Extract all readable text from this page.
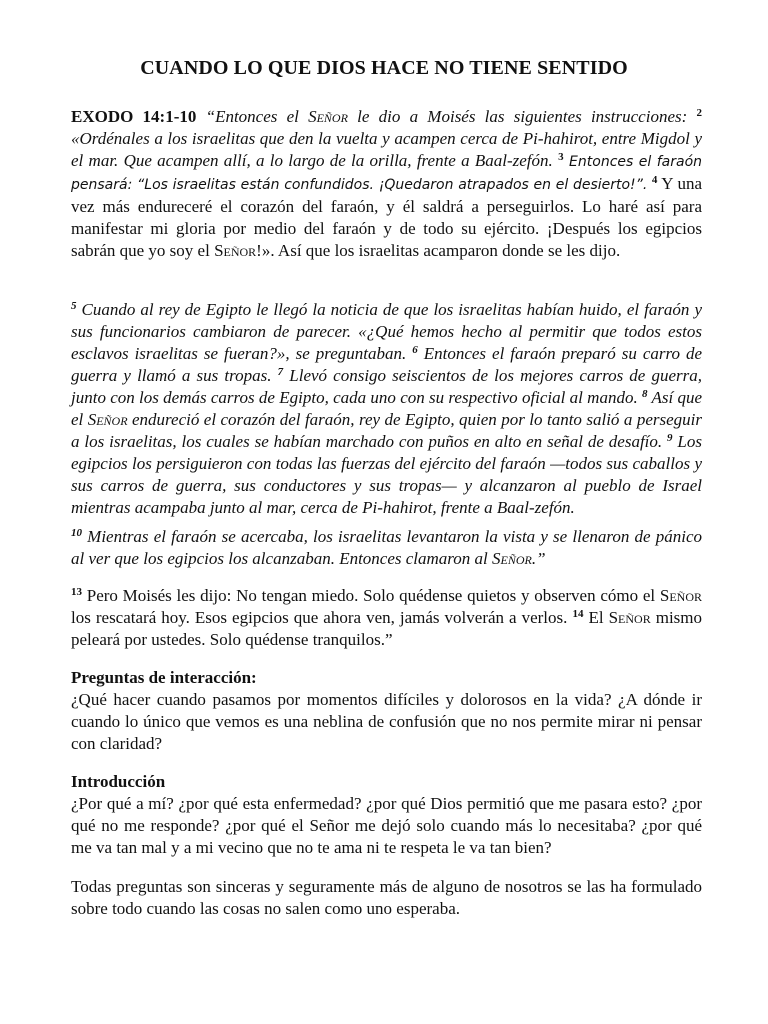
CUANDO LO QUE DIOS HACE NO TIENE SENTIDO

EXODO 14:1-10 “Entonces el Señor le dio a Moisés las siguientes instrucciones: $^2$ «Ordénales a los israelitas que den la vuelta y acampen cerca de Pi-hahirot, entre Migdol y el mar. Que acampen allí, a lo largo de la orilla, frente a Baal-zefón. $^3$ Entonces el faraón pensará: “Los israelitas están confundidos. ¡Quedaron atrapados en el desierto!”. $^4$ Y una vez más endureceré el corazón del faraón, y él saldrá a perseguirlos. Lo haré así para manifestar mi gloria por medio del faraón y de todo su ejército. ¡Después los egipcios sabrán que yo soy el Señor!». Así que los israelitas acamparon donde se les dijo.

$^5$ Cuando al rey de Egipto le llegó la noticia de que los israelitas habían huido, el faraón y sus funcionarios cambiaron de parecer. «¿Qué hemos hecho al permitir que todos estos esclavos israelitas se fueran?», se preguntaban. $^6$ Entonces el faraón preparó su carro de guerra y llamó a sus tropas. $^7$ Llevó consigo seiscientos de los mejores carros de guerra, junto con los demás carros de Egipto, cada uno con su respectivo oficial al mando. $^8$ Así que el Señor endureció el corazón del faraón, rey de Egipto, quien por lo tanto salió a perseguir a los israelitas, los cuales se habían marchado con puños en alto en señal de desafío. $^9$ Los egipcios los persiguieron con todas las fuerzas del ejército del faraón —todos sus caballos y sus carros de guerra, sus conductores y sus tropas— y alcanzaron al pueblo de Israel mientras acampaba junto al mar, cerca de Pi-hahirot, frente a Baal-zefón.

$^{10}$ Mientras el faraón se acercaba, los israelitas levantaron la vista y se llenaron de pánico al ver que los egipcios los alcanzaban. Entonces clamaron al Señor.”

$^{13}$ Pero Moisés les dijo: No tengan miedo. Solo quédense quietos y observen cómo el Señor los rescatará hoy. Esos egipcios que ahora ven, jamás volverán a verlos. $^{14}$ El Señor mismo peleará por ustedes. Solo quédense tranquilos.”

Preguntas de interacción:
¿Qué hacer cuando pasamos por momentos difíciles y dolorosos en la vida? ¿A dónde ir cuando lo único que vemos es una neblina de confusión que no nos permite mirar ni pensar con claridad?
Introducción
¿Por qué a mí? ¿por qué esta enfermedad? ¿por qué Dios permitió que me pasara esto? ¿por qué no me responde? ¿por qué el Señor me dejó solo cuando más lo necesitaba? ¿por qué me va tan mal y a mi vecino que no te ama ni te respeta le va tan bien?
Todas preguntas son sinceras y seguramente más de alguno de nosotros se las ha formulado sobre todo cuando las cosas no salen como uno esperaba.
